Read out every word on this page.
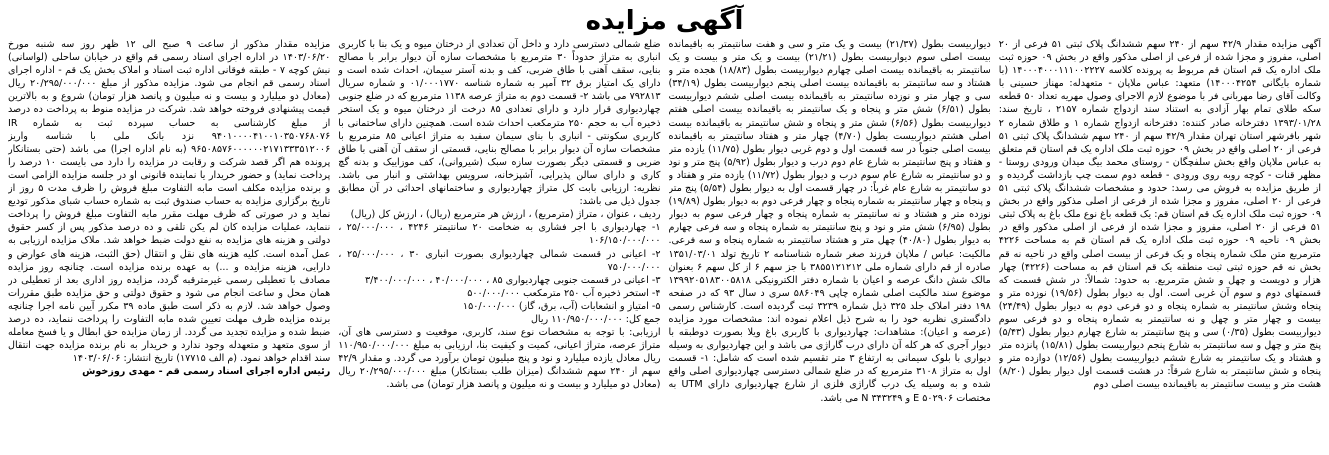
آگهی مزایده

آگهی مزایده مقدار ۴۲/۹ سهم از ۲۴۰ سهم ششدانگ پلاک ثبتی ۵۱ فرعی از ۲۰ اصلی، مفروز و مجزا شده از فرعی از اصلی مذکور واقع در بخش ۰۹ حوزه ثبت ملک اداره یک قم استان قم مربوط به پرونده کلاسه ۱۴۰۰۰۴۰۰۰۱۱۱۰۰۲۲۲۷ (با شماره بایگانی ۱۴۰۰۰۴۲۵۴) متعهد: عباس ملاپان - متعهدله: مهناز حسینی با وکالت آقای رضا مهربانی فر با موضوع لازم الاجرای وصول مهریه تعداد ۵۰ قطعه سکه طلای تمام بهار آزادی به استناد سند ازدواج شماره ۲۱۵۷ ، تاریخ سند: ۱۳۹۳/۰۱/۲۸ دفترخانه صادر کننده: دفترخانه ازدواج شماره ۱ و طلاق شماره ۲ شهر بافرشهر استان تهران مقدار ۴۲/۹ سهم از ۲۴۰ سهم ششدانگ پلاک ثبتی ۵۱ فرعی از ۲۰ اصلی واقع در بخش ۰۹ حوزه ثبت ملک اداره یک قم استان قم متعلق به عباس ملاپان واقع بخش سلفچگان - روستای محمد بیگ میدان ورودی روستا - مظهر قنات - کوچه روبه روی ورودی - قطعه دوم سمت چپ بازداشت گردیده و از طریق مزایده به فروش می رسد: حدود و مشخصات ششدانگ پلاک ثبتی ۵۱ فرعی از ۲۰ اصلی، مفروز و مجزا شده از فرعی از اصلی مذکور واقع در بخش ۰۹ حوزه ثبت ملک اداره یک قم استان قم: یک قطعه باغ نوع ملک باغ به پلاک ثبتی ۵۱ فرعی از ۲۰ اصلی، مفروز و مجزا شده از فرعی از اصلی مذکور واقع در بخش ۰۹ ناحیه ۰۹ حوزه ثبت ملک اداره یک قم استان قم به مساحت ۴۲۲۶ مترمربع متن ملک شماره پنجاه و یک فرعی از بیست اصلی واقع در ناحیه نه قم بخش نه قم حوزه ثبتی ثبت منطقه یک قم استان قم به مساحت (۴۲۲۶) چهار هزار و دویست و چهل و شش مترمربع. به حدود: شمالاً: در شش قسمت که قسمتهای دوم و سوم آن غربی است. اول به دیوار بطول (۱۹/۵۶) نوزده متر و پنجاه وشش سانتیمتر به شماره پنجاه و دو فرعی دوم به دیوار بطول (۲۴/۴۹) بیست و چهار متر و چهل و نه سانتیمتر به شماره پنجاه و دو فرعی سوم دیواربیست بطول (۰/۳۵) سی و پنج سانتیمتر به شارع چهارم دیوار بطول (۵/۴۳) پنج متر و چهل و سه سانتیمتر به شارع پنجم دیواربیست بطول (۱۵/۸۱) پانزده متر و هشتاد و یک سانتیمتر به شارع ششم دیواربیست بطول (۱۲/۵۶) دوازده متر و پنجاه و شش سانتیمتر به شارع شرقاً: در هشت قسمت اول دیوار بطول (۸/۲۰) هشت متر و بیست سانتیمتر به باقیمانده بیست اصلی دوم

دیواربیست بطول (۲۱/۳۷) بیست و یک متر و سی و هفت سانتیمتر به باقیمانده بیست اصلی سوم دیواربیست بطول (۲۱/۲۱) بیست و یک متر و بیست و یک سانتیمتر به باقیمانده بیست اصلی چهارم دیواربیست بطول (۱۸/۸۳) هجده متر و هشتاد و سه سانتیمتر به باقیمانده بیست اصلی پنجم دیواربیست بطول (۳۴/۱۹) سی و چهار متر و نوزده سانتیمتر به باقیمانده بیست اصلی ششم دیواربیست بطول (۶/۵۱) شش متر و پنجاه و یک سانتیمتر به باقیمانده بیست اصلی هفتم دیواربیست بطول (۶/۵۶) شش متر و پنجاه و شش سانتیمتر به باقیمانده بیست اصلی هشتم دیواربیست بطول (۴/۷۰) چهار متر و هفتاد سانتیمتر به باقیمانده بیست اصلی جنوباً در سه قسمت اول و دوم غربی دیوار بطول (۱۱/۷۵) یازده متر و هفتاد و پنج سانتیمتر به شارع عام دوم درب و دیوار بطول (۵/۹۲) پنج متر و نود و دو سانتیمتر به شارع عام سوم درب و دیوار بطول (۱۱/۷۲) یازده متر و هفتاد و دو سانتیمتر به شارع عام غرباً: در چهار قسمت اول به دیوار بطول (۵/۵۴) پنج متر و پنجاه و چهار سانتیمتر به شماره پنجاه و چهار فرعی دوم به دیوار بطول (۱۹/۸۹) نوزده متر و هشتاد و نه سانتیمتر به شماره پنجاه و چهار فرعی سوم به دیوار بطول (۶/۹۵) شش متر و نود و پنج سانتیمتر به شماره پنجاه و سه فرعی چهارم به دیوار بطول (۴۰/۸۰) چهل متر و هشتاد سانتیمتر به شماره پنجاه و سه فرعی. مالکیت: عباس / ملاپان فرزند صغر شماره شناسنامه ۲ تاریخ تولد ۱۳۵۱/۰۳/۰۱ صادره از قم دارای شماره ملی ۳۸۵۵۱۲۱۲۱۲ با جز سهم ۶ از کل سهم ۶ بعنوان مالک شش دانگ عرصه و اعیان با شماره دفتر الکترونیکی ۱۳۹۹۲۰۵۱۸۳۰۰۵۸۱۸ موضوع سند مالکیت اصلی شماره چاپی ۵۸۶۰۴۹ سری د سال ۹۳ که در صفحه ۱۹۸ دفتر املاک جلد ۳۲۵ ذیل شماره ۳۲۳۹ ثبت گردیده است. کارشناس رسمی دادگستری نظریه خود را به شرح ذیل اعلام نموده اند: مشخصات مورد مزایده (عرصه و اعیان): مشاهدات: چهاردیواری با کاربری باغ ویلا بصورت دوطبقه با دیوار آجری که هر کله آن دارای درب گاراژی می باشد و این چهاردیواری به وسیله دیواری با بلوک سیمانی به ارتفاع ۳ متر تقسیم شده است که شامل: ۱- قسمت اول به متراژ ۳۱۰۸ مترمربع که در ضلع شمالی دسترسی چهاردیواری اصلی واقع شده و به وسیله یک درب گاراژی فلزی از شارع چهاردیواری دارای UTM به مختصات E ۵۰۲۹۰۶ و N ۳۴۳۲۴۹ می باشد.

ضلع شمالی دسترسی دارد و داخل آن تعدادی از درختان میوه و یک بنا با کاربری انباری به متراژ حدوداً ۳۰ مترمربع با مشخصات سازه آن دیوار برابر با مصالح بنایی، سقف آهنی با طاق ضربی، کف و بدنه آستر سیمان، احداث شده است و دارای یک امتیاز برق ۳۲ آمپر به شماره شناسه ۰۱/۰۰۰۱۷۷۰ و شماره سریال ۷۹۲۸۱۳ می باشد ۲- قسمت دوم به متراژ عرصه ۱۱۳۸ مترمربع که در ضلع جنوبی چهاردیواری قرار دارد و دارای تعدادی ۸۵ درخت از درختان میوه و یک استخر ذخیره آب به حجم ۲۵۰ مترمکعب احداث شده است. همچنین دارای ساختمانی با کاربری سکونتی - انباری با بنای سیمان سفید به متراژ اعیانی ۸۵ مترمربع با مشخصات سازه آن دیوار برابر با مصالح بنایی، قسمتی از سقف آن آهنی با طاق ضربی و قسمتی دیگر بصورت سازه سبک (شیروانی)، کف موزاییک و بدنه گچ کاری و دارای سالن پذیرایی، آشپزخانه، سرویس بهداشتی و انبار می باشد. نظریه: ارزیابی بابت کل متراژ چهاردیواری و ساختمانهای احداثی در آن مطابق جدول ذیل می باشد:

ردیف ، عنوان ، متراژ (مترمربع) ، ارزش هر مترمربع (ریال) ، ارزش کل (ریال)

۱- چهاردیواری با اجر فشاری به ضخامت ۲۰ سانتیمتر ۴۲۴۶ ، ۲۵/۰۰۰/۰۰۰ ، ۱۰۶/۱۵۰/۰۰۰/۰۰۰

۲- اعیانی در قسمت شمالی چهاردیواری بصورت انباری ۳۰ ، ۲۵/۰۰۰/۰۰۰ ، ۷۵۰/۰۰۰/۰۰۰

۳- اعیانی در قسمت جنوبی چهاردیواری ۸۵ ، ۴۰/۰۰۰/۰۰۰ ، ۳/۴۰۰/۰۰۰/۰۰۰

۴- استخر ذخیره آب ۲۵۰ مترمکعب ۵۰۰/۰۰۰/۰۰۰

۵- امتیاز و انشعابات (آب، برق، گاز) ۱۵۰/۰۰۰/۰۰۰

جمع کل: ۱۱۰/۹۵۰/۰۰۰/۰۰۰ ریال

ارزیابی: با توجه به مشخصات نوع سند، کاربری، موقعیت و دسترسی های آن، متراژ عرصه، متراژ اعیانی، کمیت و کیفیت بنا، ارزیابی به مبلغ ۱۱۰/۹۵۰/۰۰۰/۰۰۰ ریال معادل یازده میلیارد و نود و پنج میلیون تومان برآورد می گردد. و مقدار ۴۲/۹ سهم از ۲۴۰ سهم ششدانگ (میزان طلب بستانکار) مبلغ ۲۰/۲۹۵/۰۰۰/۰۰۰ ریال (معادل دو میلیارد و بیست و نه میلیون و پانصد هزار تومان) می باشد.

مزایده مقدار مذکور از ساعت ۹ صبح الی ۱۲ ظهر روز سه شنبه مورخ ۱۴۰۳/۰۶/۲۰ در اداره اجرای اسناد رسمی قم واقع در خیابان ساحلی (لواسانی) نبش کوچه ۷ - طبقه فوقانی اداره ثبت اسناد و املاک بخش یک قم - اداره اجرای اسناد رسمی قم انجام می شود. مزایده مذکور از مبلغ ۲۰/۲۹۵/۰۰۰/۰۰۰ ریال (معادل دو میلیارد و بیست و نه میلیون و پانصد هزار تومان) شروع و به بالاترین قیمت پیشنهادی فروخته خواهد شد. شرکت در مزایده منوط به پرداخت ده درصد از مبلغ کارشناسی به حساب سپرده ثبت به شماره IR ۹۴۰۱۰۰۰۰۴۱۰۰۱۰۳۵۰۷۶۸۰۷۶ نزد بانک ملی با شناسه واریز ۹۶۵۰۸۵۷۶۰۰۰۰۰۰۲۱۷۱۳۳۳۵۱۲۰۰۶ (به نام اداره اجرا) می باشد (حتی بستانکار پرونده هم اگر قصد شرکت و رقابت در مزایده را دارد می بایست ۱۰ درصد را پرداخت نماید) و حضور خریدار یا نماینده قانونی او در جلسه مزایده الزامی است و برنده مزایده مکلف است مابه التفاوت مبلغ فروش را ظرف مدت ۵ روز از تاریخ برگزاری مزایده به حساب صندوق ثبت به شماره حساب شبای مذکور تودیع نماید و در صورتی که ظرف مهلت مقرر مابه التفاوت مبلغ فروش را پرداخت ننماید، عملیات مزایده کان لم یکن تلقی و ده درصد مذکور پس از کسر حقوق دولتی و هزینه های مزایده به نفع دولت ضبط خواهد شد. ملاک مزایده ارزیابی به عمل آمده است. کلیه هزینه های نقل و انتقال (حق الثبت، هزینه های عوارض و دارایی، هزینه مزایده و ...) به عهده برنده مزایده است. چنانچه روز مزایده مصادف با تعطیلی رسمی غیرمترقبه گردد، مزایده روز اداری بعد از تعطیلی در همان محل و ساعت انجام می شود و حقوق دولتی و حق مزایده طبق مقررات وصول خواهد شد. لازم به ذکر است طبق ماده ۳۹ مکرر آیین نامه اجرا چنانچه برنده مزایده ظرف مهلت تعیین شده مابه التفاوت را پرداخت ننماید، ده درصد ضبط شده و مزایده تجدید می گردد. از زمان مزایده حق ابطال و یا فسخ معامله از سوی متعهد و متعهدله وجود ندارد و خریدار به نام برنده مزایده جهت انتقال سند اقدام خواهد نمود. (م الف ۱۷۷۱۵) تاریخ انتشار: ۱۴۰۳/۰۶/۰۶

رئیس اداره اجرای اسناد رسمی قم - مهدی روزخوش
